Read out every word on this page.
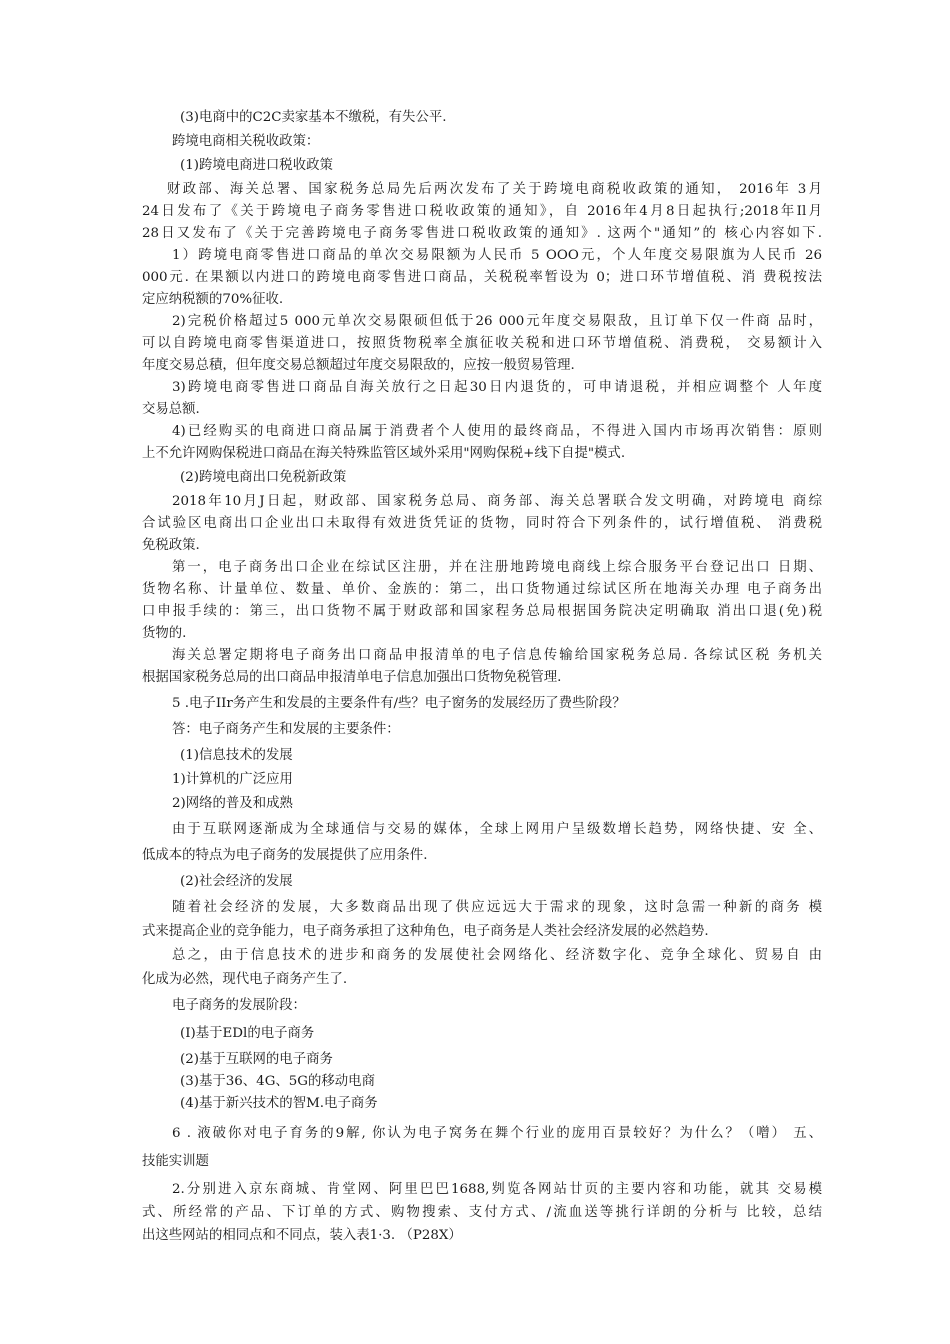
(3)电商中的C2C卖家基本不缴税，有失公平.
跨境电商相关税收政策：
(1)跨境电商进口税收政策
财政部、海关总署、国家税务总局先后两次发布了关于跨境电商税收政策的通知， 2016年 3月
24日发布了《关于跨境电子商务零售进口税收政策的通知》，自 2016年4月8日起执行;2018年Il月
28日又发布了《关于完善跨境电子商务零售进口税收政策的通知》. 这两个"通知”的 核心内容如下.
1）跨境电商零售进口商品的单次交易限额为人民币 5 OOO元，个人年度交易限旗为人民币 26
000元. 在果额以内进口的跨境电商零售进口商品，关税税率暂设为 0；进口环节增值税、消 费税按法
定应纳税额的70%征收.
2)完税价格超过5 000元单次交易限硕但低于26 000元年度交易限敌，且订单下仅一件商 品时，
可以自跨境电商零售渠道进口，按照货物税率全旗征收关税和进口环节增值税、消费税， 交易额计入
年度交易总積，但年度交易总额超过年度交易限敌的，应按一般贸易管理.
3)跨境电商零售进口商品自海关放行之日起30日内退货的，可申请退税，并相应调整个 人年度
交易总额.
4)已经购买的电商进口商品属于消费者个人使用的最终商品，不得进入国内市场再次销售：原则
上不允许网购保税进口商品在海关特殊监管区域外采用"网购保税+线下自提"模式.
(2)跨境电商出口免税新政策
2018年10月J日起，财政部、国家税务总局、商务部、海关总署联合发文明确，对跨境电 商综
合试验区电商出口企业出口未取得有效进货凭证的货物，同时符合下列条件的，试行增值税、 消费税
免税政策.
第一，电子商务出口企业在综试区注册，并在注册地跨境电商线上综合服务平台登记出口 日期、
货物名称、计量单位、数量、单价、金族的：第二，出口货物通过综试区所在地海关办理 电子商务出
口申报手续的：第三，出口货物不属于财政部和国家程务总局根据国务院决定明确取 消出口退(免)税
货物的.
海关总署定期将电子商务出口商品申报清单的电子信息传输给国家税务总局. 各综试区税 务机关
根据国家税务总局的出口商品申报清单电子信息加强出口货物免税管理.
5 .电子IIr务产生和发晨的主要条件有/些？电子窗务的发展经历了费些阶段？
答：电子商务产生和发展的主要条件：
(1)信息技术的发展
1)计算机的广泛应用
2)网络的普及和成熟
由于互联网逐渐成为全球通信与交易的媒体，全球上网用户呈级数增长趋势，网络快捷、安 全、
低成本的特点为电子商务的发展提供了应用条件.
(2)社会经济的发展
随着社会经济的发展，大多数商品出现了供应远远大于需求的现象，这时急需一种新的商务 模
式来提高企业的竞争能力，电子商务承担了这种角色，电子商务是人类社会经济发展的必然趋势.
总之，由于信息技术的进步和商务的发展使社会网络化、经济数字化、竞争全球化、贸易自 由
化成为必然，现代电子商务产生了.
电子商务的发展阶段：
(I)基于EDl的电子商务
(2)基于互联网的电子商务
(3)基于36、4G、5G的移动电商
(4)基于新兴技术的智M.电子商务
6 . 液破你对电子育务的9解, 你认为电子窝务在舞个行业的庞用百景较好？为什么？（噌） 五、
技能实训题
2.分别进入京东商城、肯堂网、阿里巴巴1688,刿览各网站廿页的主要内容和功能，就其 交易模
式、所经常的产品、下订单的方式、购物搜索、支付方式、/流血送等挑行详朗的分析与 比较，总结
出这些网站的相同点和不同点，装入表1·3. （P28X）
